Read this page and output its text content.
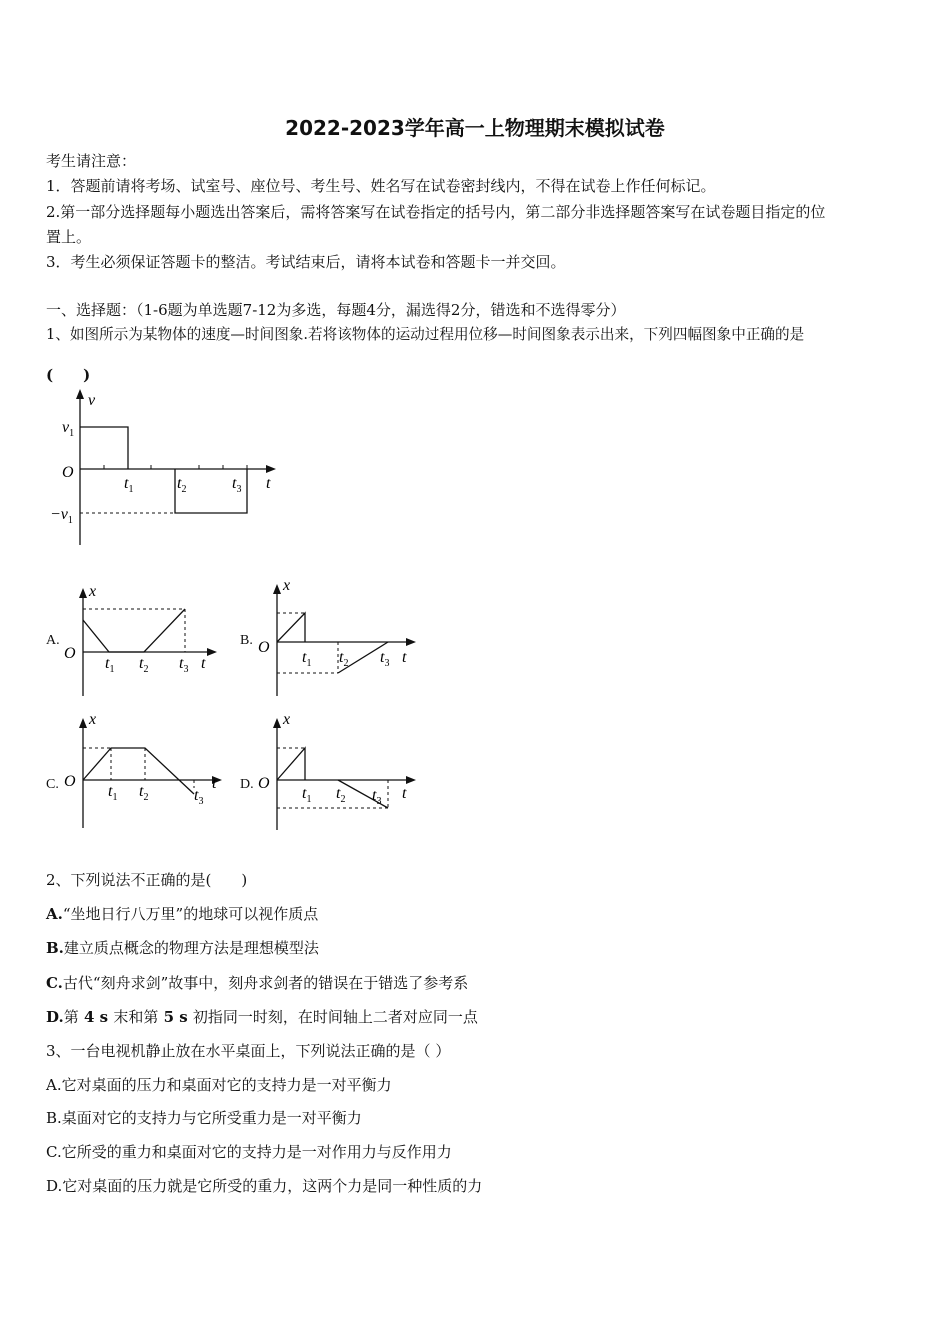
2022-2023学年高一上物理期末模拟试卷
考生请注意：
1．答题前请将考场、试室号、座位号、考生号、姓名写在试卷密封线内，不得在试卷上作任何标记。
2.第一部分选择题每小题选出答案后，需将答案写在试卷指定的括号内，第二部分非选择题答案写在试卷题目指定的位
置上。
3．考生必须保证答题卡的整洁。考试结束后，请将本试卷和答题卡一并交回。
一、选择题：（1-6题为单选题7-12为多选，每题4分，漏选得2分，错选和不选得零分）
1、如图所示为某物体的速度—时间图象.若将该物体的运动过程用位移—时间图象表示出来，下列四幅图象中正确的是
(　　)
v
$v_1$
O
$-v_1$
$t_1$	$t_2$	$t_3$ t
A.
x
O
$t_1$ $t_2$ $t_3$ t
B.
x
O
$t_1$ $t_2$ $t_3$ t
C.
x
O
$t_1$ $t_2$	$t_3$
t D.
x
O
$t_1$ $t_2$ $t_3$ t
2、下列说法不正确的是(　　)
A.“坐地日行八万里”的地球可以视作质点
B.建立质点概念的物理方法是理想模型法
C.古代“刻舟求剑”故事中，刻舟求剑者的错误在于错选了参考系
D.第 4 s 末和第 5 s 初指同一时刻，在时间轴上二者对应同一点
3、一台电视机静止放在水平桌面上，下列说法正确的是（ ）
A.它对桌面的压力和桌面对它的支持力是一对平衡力
B.桌面对它的支持力与它所受重力是一对平衡力
C.它所受的重力和桌面对它的支持力是一对作用力与反作用力
D.它对桌面的压力就是它所受的重力，这两个力是同一种性质的力
